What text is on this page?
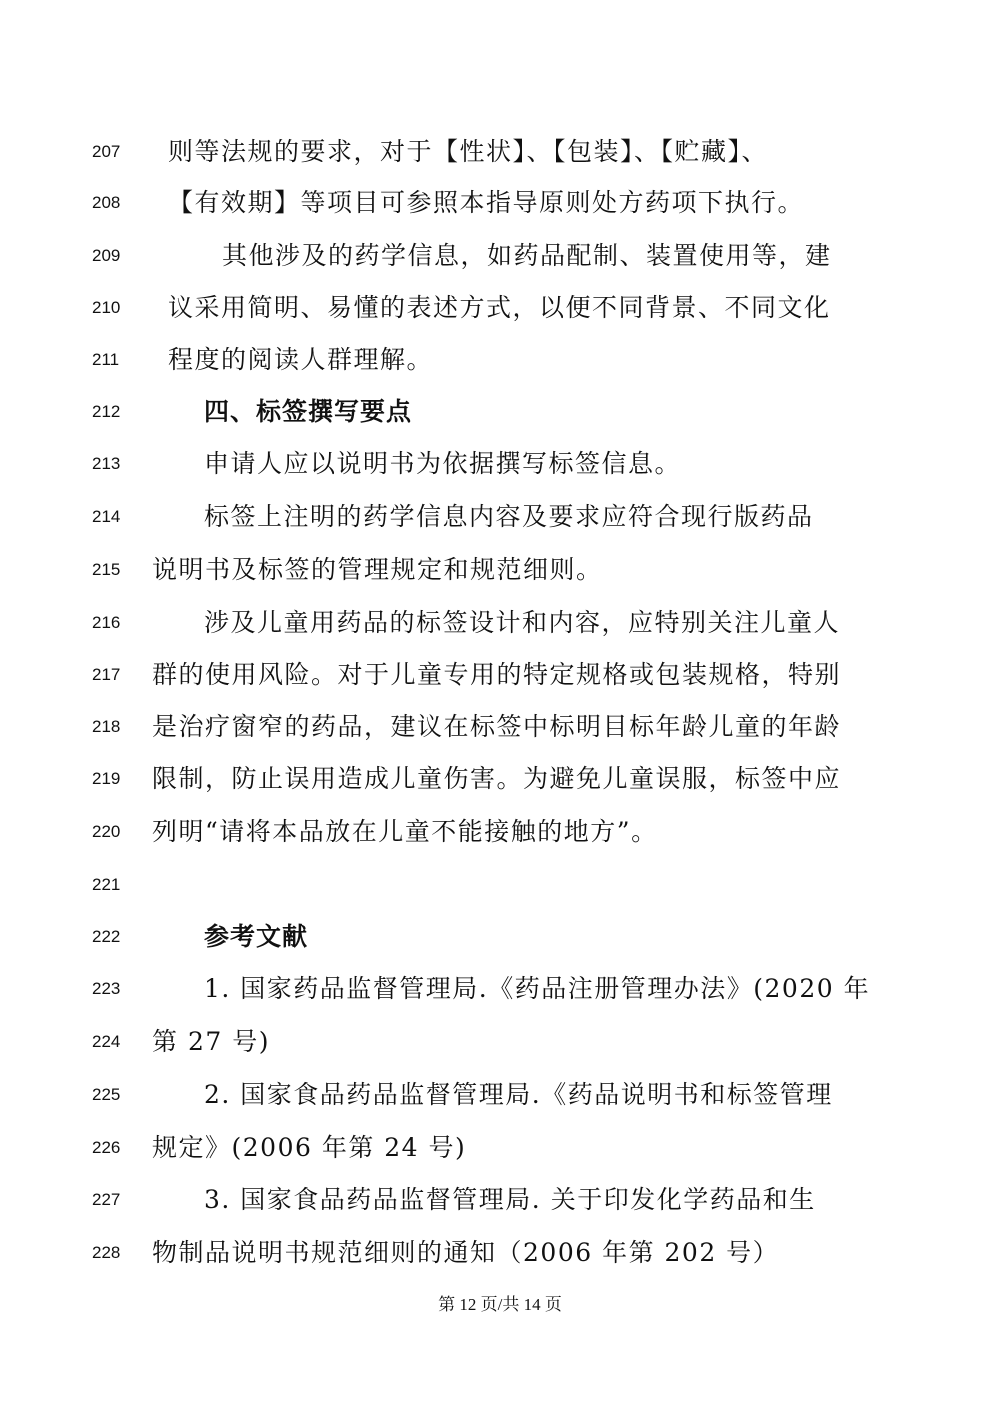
207	则等法规的要求，对于【性状】、【包装】、【贮藏】、
208	【有效期】等项目可参照本指导原则处方药项下执行。
209	其他涉及的药学信息，如药品配制、装置使用等，建
210	议采用简明、易懂的表述方式，以便不同背景、不同文化
211	程度的阅读人群理解。
212	四、标签撰写要点
213	申请人应以说明书为依据撰写标签信息。
214	标签上注明的药学信息内容及要求应符合现行版药品
215	说明书及标签的管理规定和规范细则。
216	涉及儿童用药品的标签设计和内容，应特别关注儿童人
217	群的使用风险。对于儿童专用的特定规格或包装规格，特别
218	是治疗窗窄的药品，建议在标签中标明目标年龄儿童的年龄
219	限制，防止误用造成儿童伤害。为避免儿童误服，标签中应
220	列明“请将本品放在儿童不能接触的地方”。
221
222	参考文献
223	1. 国家药品监督管理局.《药品注册管理办法》(2020 年
224	第 27 号)
225	2. 国家食品药品监督管理局.《药品说明书和标签管理
226	规定》(2006 年第 24 号)
227	3. 国家食品药品监督管理局. 关于印发化学药品和生
228	物制品说明书规范细则的通知（2006 年第 202 号）
第 12 页/共 14 页
